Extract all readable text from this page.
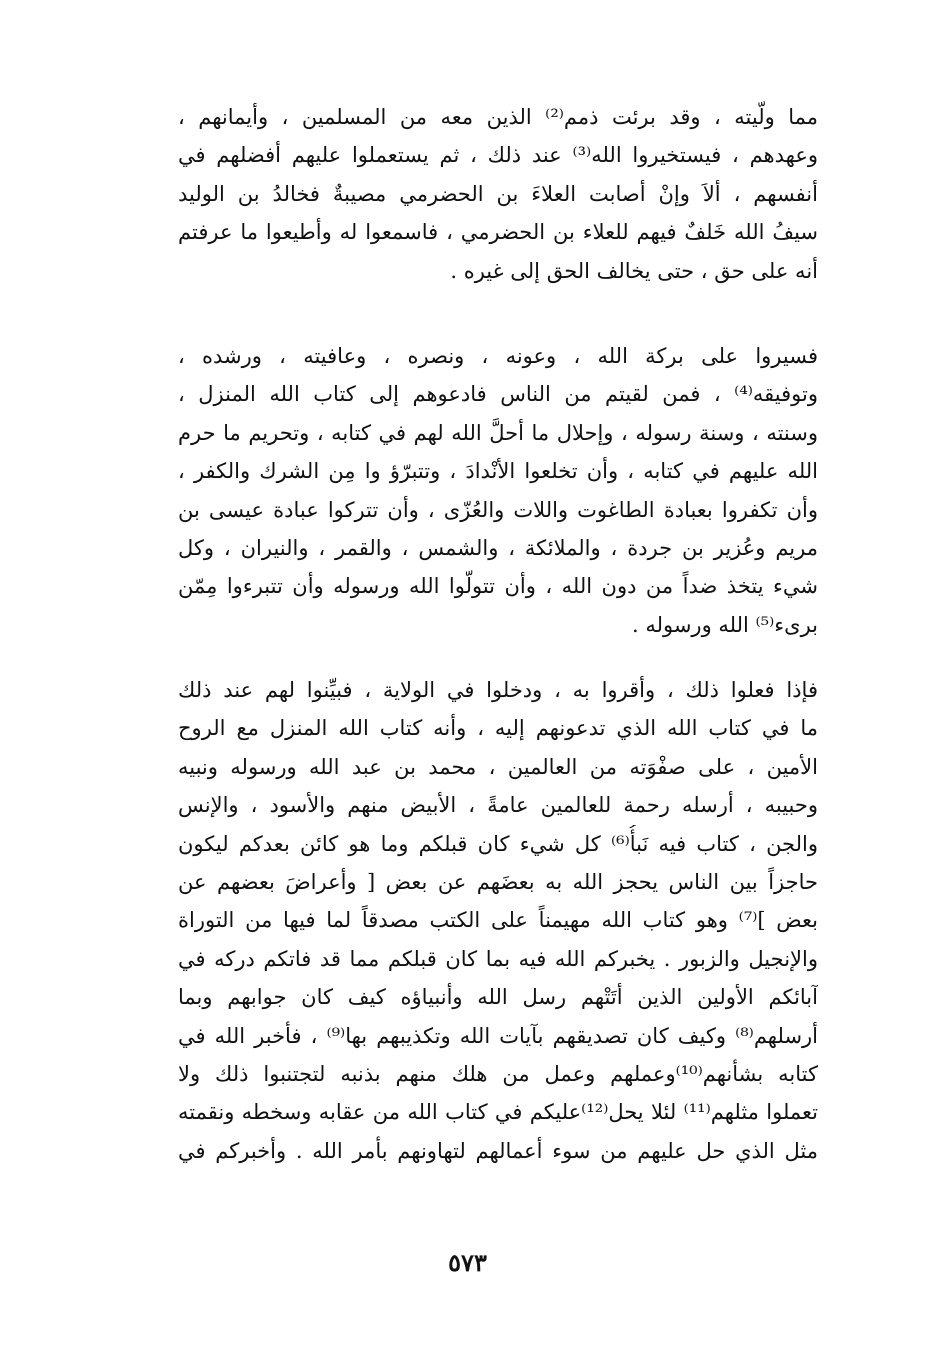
مما ولّيته ، وقد برئت ذمم⁽²⁾ الذين معه من المسلمين ، وأيمانهم ،
وعهدهم ، فيستخيروا الله⁽³⁾ عند ذلك ، ثم يستعملوا عليهم أفضلهم في
أنفسهم ، ألاَ وإنْ أصابت العلاءَ بن الحضرمي مصيبةٌ فخالدُ بن الوليد
سيفُ الله خَلفٌ فيهم للعلاء بن الحضرمي ، فاسمعوا له وأطيعوا ما عرفتم
أنه على حق ، حتى يخالف الحق إلى غيره .
فسيروا على بركة الله ، وعونه ، ونصره ، وعافيته ، ورشده ،
وتوفيقه⁽⁴⁾ ، فمن لقيتم من الناس فادعوهم إلى كتاب الله المنزل ،
وسنته ، وسنة رسوله ، وإحلال ما أحلَّ الله لهم في كتابه ، وتحريم ما حرم
الله عليهم في كتابه ، وأن تخلعوا الأنْدادَ ، وتتبرّؤ وا مِن الشرك والكفر ،
وأن تكفروا بعبادة الطاغوت واللات والعُزّى ، وأن تتركوا عبادة عيسى بن
مريم وعُزير بن جردة ، والملائكة ، والشمس ، والقمر ، والنيران ، وكل
شيء يتخذ ضداً من دون الله ، وأن تتولّوا الله ورسوله وأن تتبرءوا مِمّن
برىء⁽⁵⁾ الله ورسوله .
فإذا فعلوا ذلك ، وأقروا به ، ودخلوا في الولاية ، فبيِّنوا لهم عند ذلك
ما في كتاب الله الذي تدعونهم إليه ، وأنه كتاب الله المنزل مع الروح
الأمين ، على صفْوَته من العالمين ، محمد بن عبد الله ورسوله ونبيه
وحبيبه ، أرسله رحمة للعالمين عامةً ، الأبيض منهم والأسود ، والإنس
والجن ، كتاب فيه نَبأُ⁽⁶⁾ كل شيء كان قبلكم وما هو كائن بعدكم ليكون
حاجزاً بين الناس يحجز الله به بعضَهم عن بعض [ وأعراضَ بعضهم عن
بعض ]⁽⁷⁾ وهو كتاب الله مهيمناً على الكتب مصدقاً لما فيها من التوراة
والإنجيل والزبور . يخبركم الله فيه بما كان قبلكم مما قد فاتكم دركه في
آبائكم الأولين الذين أتَتْهم رسل الله وأنبياؤه كيف كان جوابهم وبما
أرسلهم⁽⁸⁾ وكيف كان تصديقهم بآيات الله وتكذيبهم بها⁽⁹⁾ ، فأخبر الله في
كتابه بشأنهم⁽¹⁰⁾وعملهم وعمل من هلك منهم بذنبه لتجتنبوا ذلك ولا
تعملوا مثلهم⁽¹¹⁾ لئلا يحل⁽¹²⁾عليكم في كتاب الله من عقابه وسخطه ونقمته
مثل الذي حل عليهم من سوء أعمالهم لتهاونهم بأمر الله . وأخبركم في
٥٧٣
